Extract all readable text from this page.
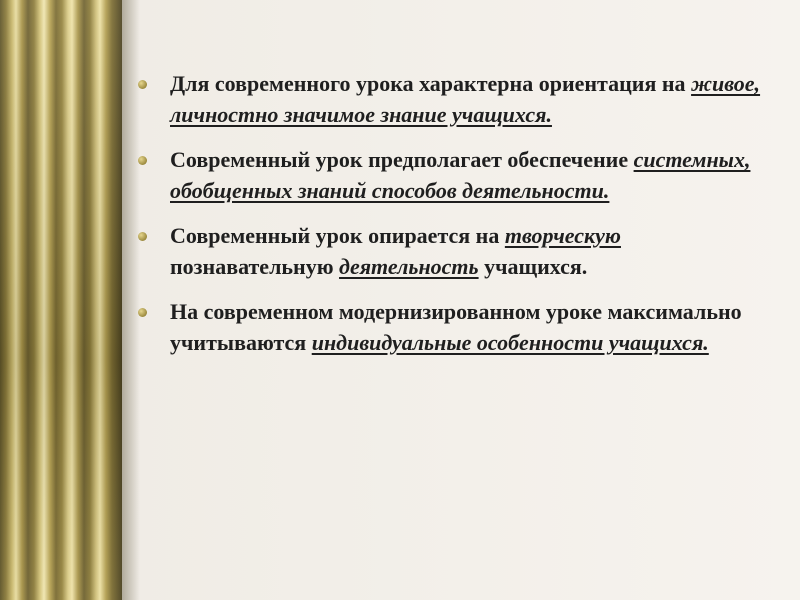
Для современного урока характерна ориентация на живое, личностно значимое знание учащихся.
Современный урок предполагает обеспечение системных, обобщенных знаний способов деятельности.
Современный урок опирается на творческую познавательную деятельность учащихся.
На современном модернизированном уроке максимально учитываются индивидуальные особенности учащихся.
